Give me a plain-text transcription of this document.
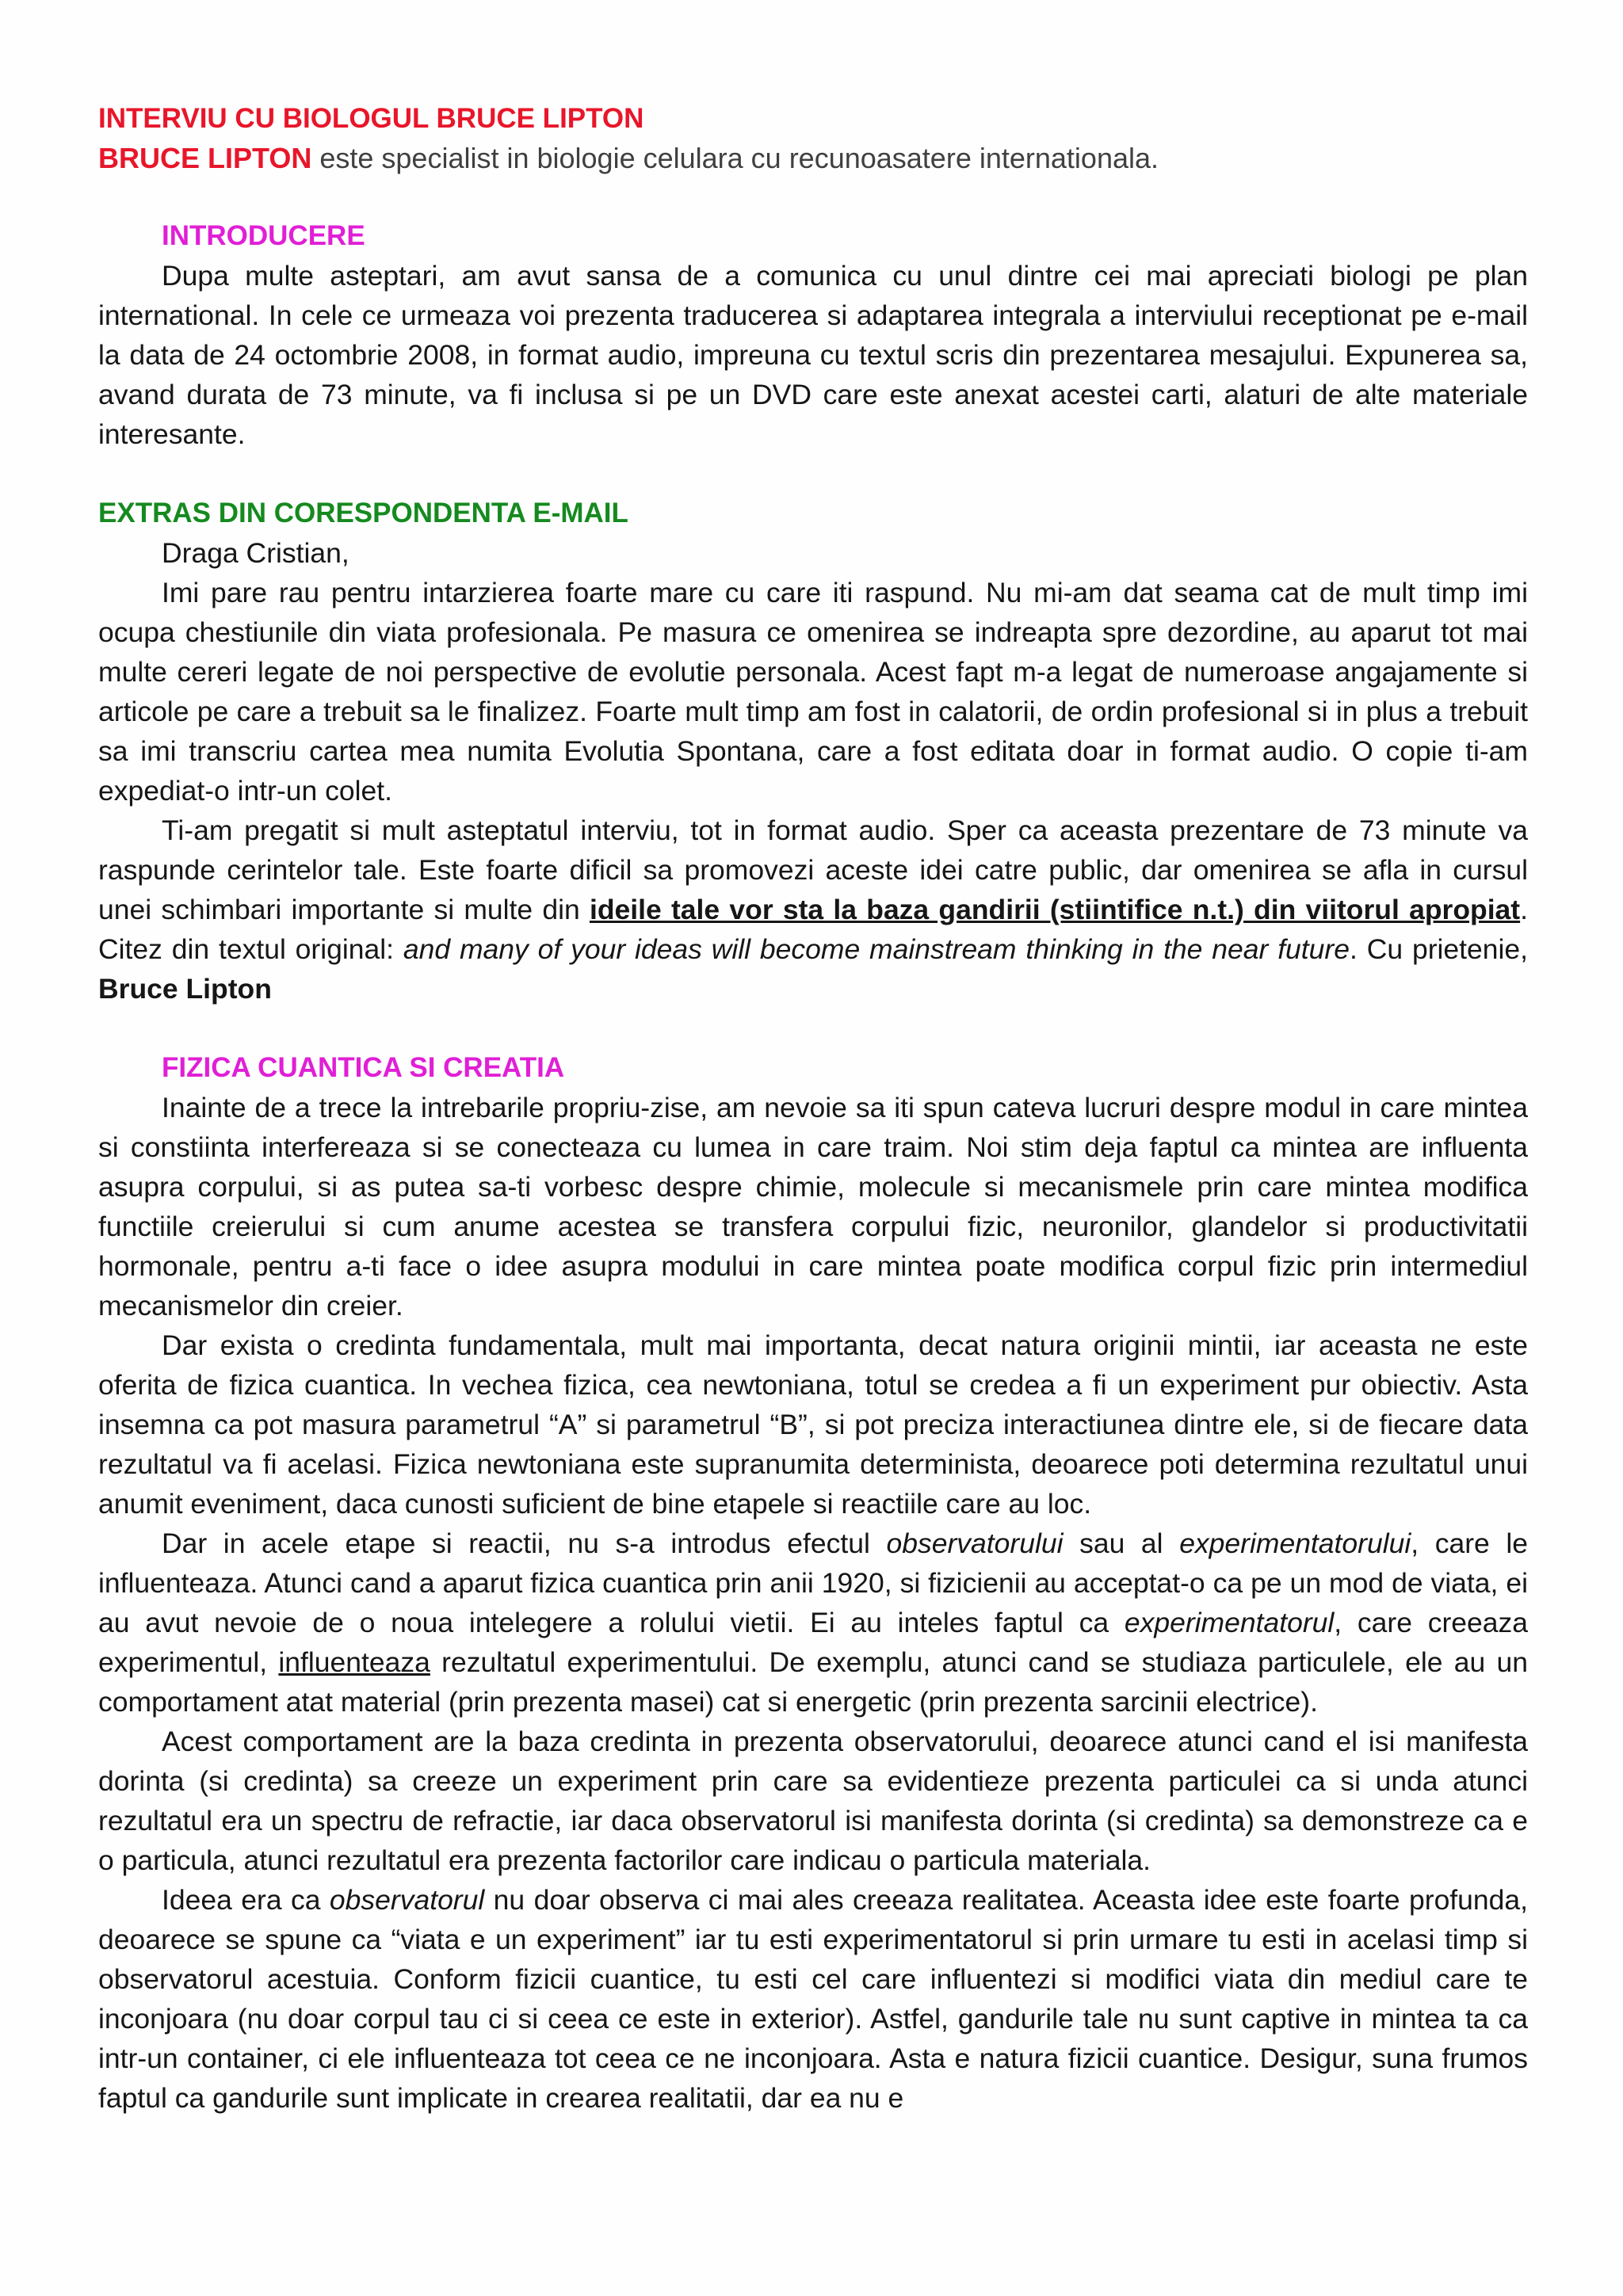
INTERVIU CU BIOLOGUL BRUCE LIPTON
BRUCE LIPTON este specialist in biologie celulara cu recunoasatere internationala.
INTRODUCERE

Dupa multe asteptari, am avut sansa de a comunica cu unul dintre cei mai apreciati biologi pe plan international. In cele ce urmeaza voi prezenta traducerea si adaptarea integrala a interviului receptionat pe e-mail la data de 24 octombrie 2008, in format audio, impreuna cu textul scris din prezentarea mesajului. Expunerea sa, avand durata de 73 minute, va fi inclusa si pe un DVD care este anexat acestei carti, alaturi de alte materiale interesante.

EXTRAS DIN CORESPONDENTA E-MAIL

Draga Cristian,

Imi pare rau pentru intarzierea foarte mare cu care iti raspund. Nu mi-am dat seama cat de mult timp imi ocupa chestiunile din viata profesionala. Pe masura ce omenirea se indreapta spre dezordine, au aparut tot mai multe cereri legate de noi perspective de evolutie personala. Acest fapt m-a legat de numeroase angajamente si articole pe care a trebuit sa le finalizez. Foarte mult timp am fost in calatorii, de ordin profesional si in plus a trebuit sa imi transcriu cartea mea numita Evolutia Spontana, care a fost editata doar in format audio. O copie ti-am expediat-o intr-un colet.

Ti-am pregatit si mult asteptatul interviu, tot in format audio. Sper ca aceasta prezentare de 73 minute va raspunde cerintelor tale. Este foarte dificil sa promovezi aceste idei catre public, dar omenirea se afla in cursul unei schimbari importante si multe din ideile tale vor sta la baza gandirii (stiintifice n.t.) din viitorul apropiat. Citez din textul original: and many of your ideas will become mainstream thinking in the near future. Cu prietenie, Bruce Lipton

FIZICA CUANTICA SI CREATIA

Inainte de a trece la intrebarile propriu-zise, am nevoie sa iti spun cateva lucruri despre modul in care mintea si constiinta interfereaza si se conecteaza cu lumea in care traim. Noi stim deja faptul ca mintea are influenta asupra corpului, si as putea sa-ti vorbesc despre chimie, molecule si mecanismele prin care mintea modifica functiile creierului si cum anume acestea se transfera corpului fizic, neuronilor, glandelor si productivitatii hormonale, pentru a-ti face o idee asupra modului in care mintea poate modifica corpul fizic prin intermediul mecanismelor din creier.

Dar exista o credinta fundamentala, mult mai importanta, decat natura originii mintii, iar aceasta ne este oferita de fizica cuantica. In vechea fizica, cea newtoniana, totul se credea a fi un experiment pur obiectiv. Asta insemna ca pot masura parametrul “A” si parametrul “B”, si pot preciza interactiunea dintre ele, si de fiecare data rezultatul va fi acelasi. Fizica newtoniana este supranumita determinista, deoarece poti determina rezultatul unui anumit eveniment, daca cunosti suficient de bine etapele si reactiile care au loc.

Dar in acele etape si reactii, nu s-a introdus efectul observatorului sau al experimentatorului, care le influenteaza. Atunci cand a aparut fizica cuantica prin anii 1920, si fizicienii au acceptat-o ca pe un mod de viata, ei au avut nevoie de o noua intelegere a rolului vietii. Ei au inteles faptul ca experimentatorul, care creeaza experimentul, influenteaza rezultatul experimentului. De exemplu, atunci cand se studiaza particulele, ele au un comportament atat material (prin prezenta masei) cat si energetic (prin prezenta sarcinii electrice).

Acest comportament are la baza credinta in prezenta observatorului, deoarece atunci cand el isi manifesta dorinta (si credinta) sa creeze un experiment prin care sa evidentieze prezenta particulei ca si unda atunci rezultatul era un spectru de refractie, iar daca observatorul isi manifesta dorinta (si credinta) sa demonstreze ca e o particula, atunci rezultatul era prezenta factorilor care indicau o particula materiala.

Ideea era ca observatorul nu doar observa ci mai ales creeaza realitatea. Aceasta idee este foarte profunda, deoarece se spune ca “viata e un experiment” iar tu esti experimentatorul si prin urmare tu esti in acelasi timp si observatorul acestuia. Conform fizicii cuantice, tu esti cel care influentezi si modifici viata din mediul care te inconjoara (nu doar corpul tau ci si ceea ce este in exterior). Astfel, gandurile tale nu sunt captive in mintea ta ca intr-un container, ci ele influenteaza tot ceea ce ne inconjoara. Asta e natura fizicii cuantice. Desigur, suna frumos faptul ca gandurile sunt implicate in crearea realitatii, dar ea nu e
